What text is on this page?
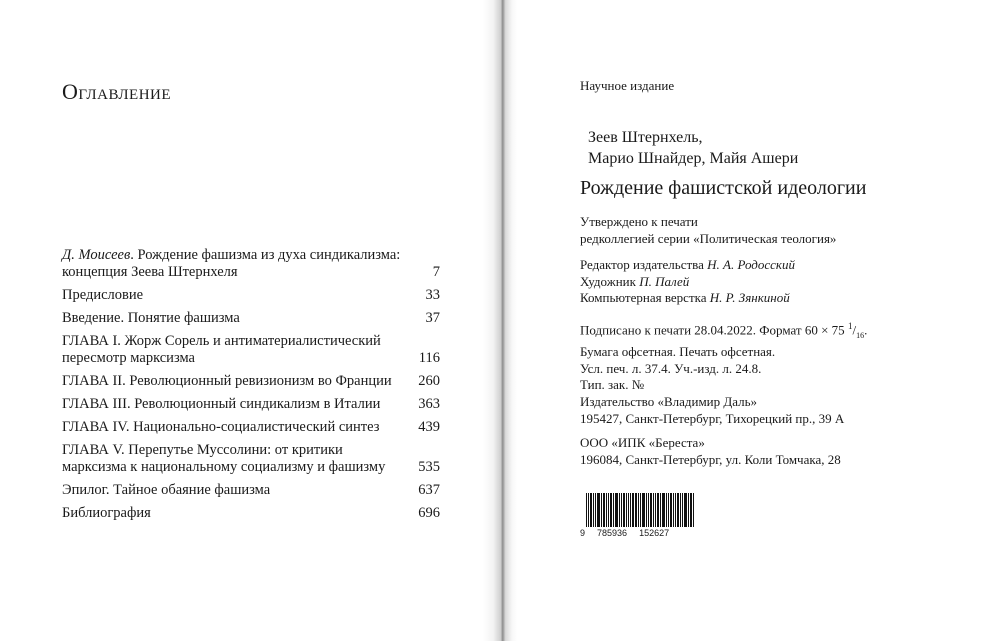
Оглавление
Д. Моисеев. Рождение фашизма из духа синдикализма: концепция Зеева Штернхеля	7
Предисловие	33
Введение. Понятие фашизма	37
ГЛАВА I. Жорж Сорель и антиматериалистический пересмотр марксизма	116
ГЛАВА II. Революционный ревизионизм во Франции	260
ГЛАВА III. Революционный синдикализм в Италии	363
ГЛАВА IV. Национально-социалистический синтез	439
ГЛАВА V. Перепутье Муссолини: от критики марксизма к национальному социализму и фашизму	535
Эпилог. Тайное обаяние фашизма	637
Библиография	696
Научное издание
Зеев Штернхель,
Марио Шнайдер, Майя Ашери
Рождение фашистской идеологии
Утверждено к печати
редколлегией серии «Политическая теология»
Редактор издательства Н. А. Родосский
Художник П. Палей
Компьютерная верстка Н. Р. Зянкиной
Подписано к печати 28.04.2022. Формат 60 × 75 $^1/_{16}$.
Бумага офсетная. Печать офсетная.
Усл. печ. л. 37.4. Уч.-изд. л. 24.8.
Тип. зак. №
Издательство «Владимир Даль»
195427, Санкт-Петербург, Тихорецкий пр., 39 А
ООО «ИПК «Береста»
196084, Санкт-Петербург, ул. Коли Томчака, 28
9 785936 152627
